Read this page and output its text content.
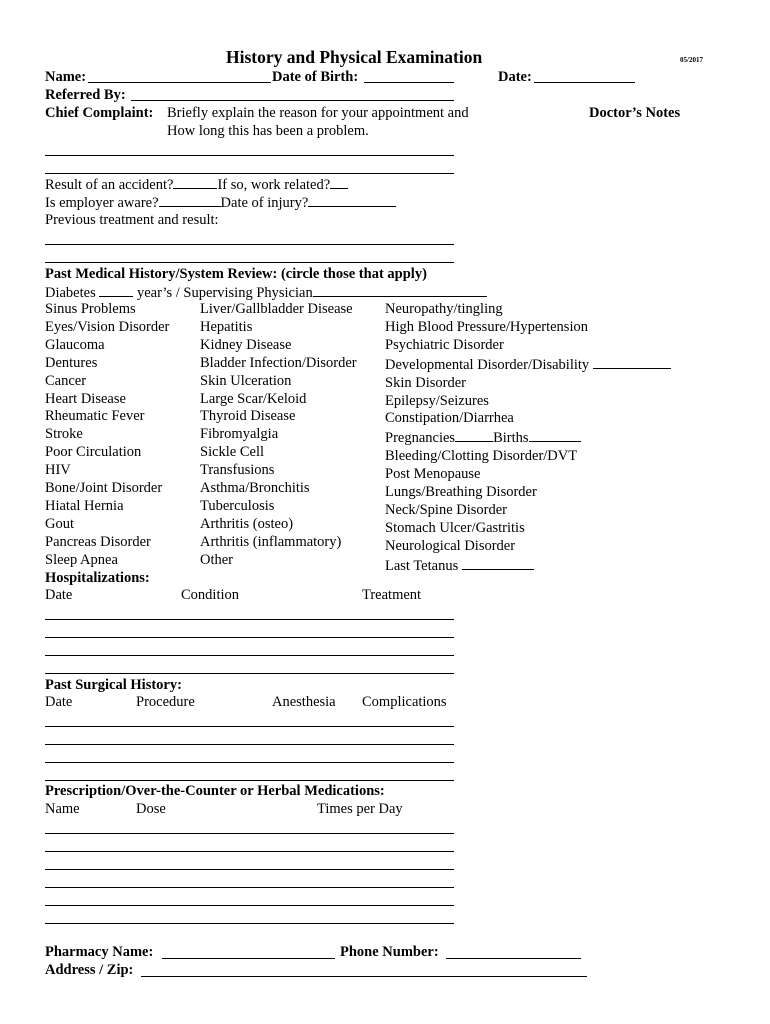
History and Physical Examination	05/2017
Name:	Date of Birth:	Date:
Referred By:
Chief Complaint: Briefly explain the reason for your appointment and
How long this has been a problem.
Doctor’s Notes
Result of an accident?	If so, work related?
Is employer aware?	Date of injury?
Previous treatment and result:
Past Medical History/System Review: (circle those that apply)
Diabetes	year’s / Supervising Physician
Sinus Problems
Eyes/Vision Disorder
Glaucoma
Dentures
Cancer
Heart Disease
Rheumatic Fever
Stroke
Poor Circulation
HIV
Bone/Joint Disorder
Hiatal Hernia
Gout
Pancreas Disorder
Sleep Apnea
Liver/Gallbladder Disease
Hepatitis
Kidney Disease
Bladder Infection/Disorder
Skin Ulceration
Large Scar/Keloid
Thyroid Disease
Fibromyalgia
Sickle Cell
Transfusions
Asthma/Bronchitis
Tuberculosis
Arthritis (osteo)
Arthritis (inflammatory)
Other
Neuropathy/tingling
High Blood Pressure/Hypertension
Psychiatric Disorder
Developmental Disorder/Disability
Skin Disorder
Epilepsy/Seizures
Constipation/Diarrhea
Pregnancies	Births
Bleeding/Clotting Disorder/DVT
Post Menopause
Lungs/Breathing Disorder
Neck/Spine Disorder
Stomach Ulcer/Gastritis
Neurological Disorder
Last Tetanus
Hospitalizations:
Date	Condition	Treatment
Past Surgical History:
Date	Procedure	Anesthesia Complications
Prescription/Over-the-Counter or Herbal Medications:
Name	Dose	Times per Day
Pharmacy Name:	Phone Number:
Address / Zip:
